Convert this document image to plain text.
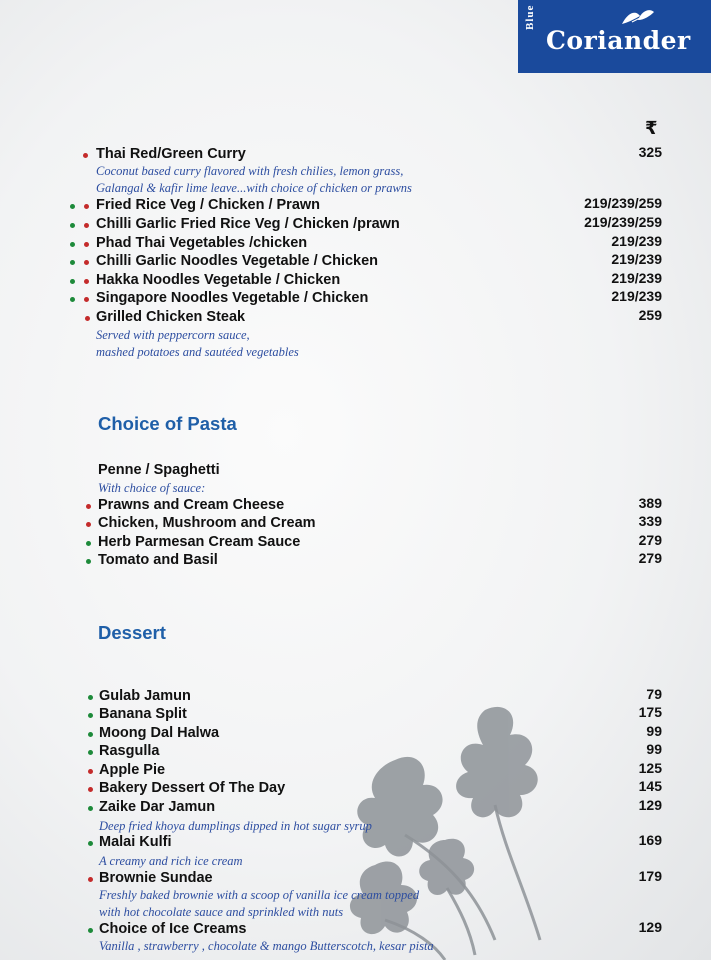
Blue
Coriander
₹
Thai Red/Green Curry	325
Coconut based curry flavored with fresh chilies, lemon grass,
Galangal & kafir lime leave...with choice of chicken or prawns
Fried Rice Veg / Chicken / Prawn	219/239/259
Chilli Garlic Fried Rice Veg / Chicken /prawn	219/239/259
Phad Thai Vegetables /chicken	219/239
Chilli Garlic Noodles Vegetable / Chicken	219/239
Hakka Noodles Vegetable / Chicken	219/239
Singapore Noodles Vegetable / Chicken	219/239
Grilled Chicken Steak	259
Served with peppercorn sauce,
mashed potatoes and sautéed vegetables
Choice of Pasta
Penne / Spaghetti
With choice of sauce:
Prawns and Cream Cheese	389
Chicken, Mushroom and Cream	339
Herb Parmesan Cream Sauce	279
Tomato and Basil	279
Dessert
Gulab Jamun	79
Banana Split	175
Moong Dal Halwa	99
Rasgulla	99
Apple Pie	125
Bakery Dessert Of The Day	145
Zaike Dar Jamun	129
Deep fried khoya dumplings dipped in hot sugar syrup
Malai Kulfi	169
A creamy and rich ice cream
Brownie Sundae	179
Freshly baked brownie with a scoop of vanilla ice cream topped
with hot chocolate sauce and sprinkled with nuts
Choice of Ice Creams	129
Vanilla , strawberry , chocolate & mango Butterscotch, kesar pista
